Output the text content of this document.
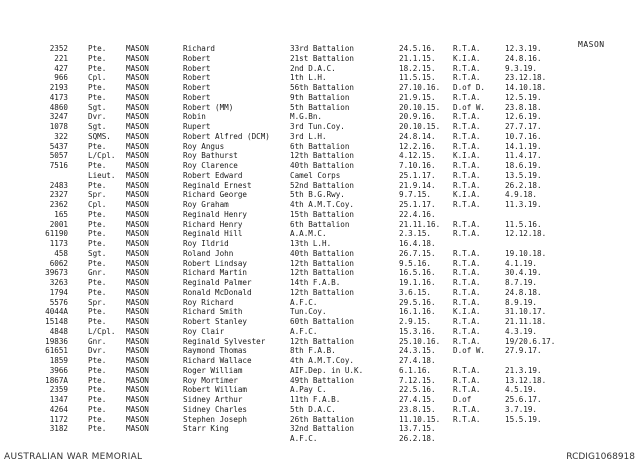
MASON
2352	Pte.	MASON	Richard	33rd Battalion	24.5.16. R.T.A.	12.3.19.
221	Pte.	MASON	Robert	21st Battalion	21.1.15. K.I.A.	24.8.16.
427	Pte.	MASON	Robert	2nd D.A.C.	18.2.15. R.T.A.	9.3.19.
966	Cpl.	MASON	Robert	1th L.H.	11.5.15. R.T.A.	23.12.18.
2193	Pte.	MASON	Robert	56th Battalion	27.10.16. D.of D.	14.10.18.
4173	Pte.	MASON	Robert	9th Battalion	21.9.15. R.T.A.	12.5.19.
4860	Sgt.	MASON	Robert (MM)	5th Battalion	20.10.15. D.of W.	23.8.18.
3247	Dvr.	MASON	Robin	M.G.Bn.	20.9.16. R.T.A.	12.6.19.
1078	Sgt.	MASON	Rupert	3rd Tun.Coy.	20.10.15. R.T.A.	27.7.17.
322	SQMS. MASON	Robert Alfred (DCM)	3rd L.H.	24.8.14. R.T.A.	10.7.16.
5437	Pte.	MASON	Roy Angus	6th Battalion	12.2.16. R.T.A.	14.1.19.
5057	L/Cpl. MASON	Roy Bathurst	12th Battalion	4.12.15. K.I.A.	11.4.17.
7516	Pte.	MASON	Roy Clarence	40th Battalion	7.10.16. R.T.A.	18.6.19.
Lieut. MASON	Robert Edward	Camel Corps	25.1.17. R.T.A.	13.5.19.
2483	Pte.	MASON	Reginald Ernest	52nd Battalion	21.9.14. R.T.A.	26.2.18.
2327	Spr.	MASON	Richard George	5th B.G.Rwy.	9.7.15.	K.I.A.	4.9.18.
2362	Cpl.	MASON	Roy Graham	4th A.M.T.Coy.	25.1.17. R.T.A.	11.3.19.
165	Pte.	MASON	Reginald Henry	15th Battalion	22.4.16.
2001	Pte.	MASON	Richard Henry	6th Battalion	21.11.16. R.T.A.	11.5.16.
61190	Pte.	MASON	Reginald Hill	A.A.M.C.	2.3.15.	R.T.A.	12.12.18.
1173	Pte.	MASON	Roy Ildrid	13th L.H.	16.4.18.
458	Sgt.	MASON	Roland John	40th Battalion	26.7.15. R.T.A.	19.10.18.
6062	Pte.	MASON	Robert Lindsay	12th Battalion	9.5.16.	R.T.A.	4.1.19.
39673	Gnr.	MASON	Richard Martin	12th Battalion	16.5.16. R.T.A.	30.4.19.
3263	Pte.	MASON	Reginald Palmer	14th F.A.B.	19.1.16. R.T.A.	8.7.19.
1794	Pte.	MASON	Ronald McDonald	12th Battalion	3.6.15.	R.T.A.	24.8.18.
5576	Spr.	MASON	Roy Richard	A.F.C.	29.5.16. R.T.A.	8.9.19.
4044A	Pte.	MASON	Richard Smith	Tun.Coy.	16.1.16. K.I.A.	31.10.17.
15148	Pte.	MASON	Robert Stanley	60th Battalion	2.9.15.	R.T.A.	21.11.18.
4848	L/Cpl. MASON	Roy Clair	A.F.C.	15.3.16. R.T.A.	4.3.19.
19836	Gnr.	MASON	Reginald Sylvester	12th Battalion	25.10.16. R.T.A.	19/20.6.17.
61651	Dvr.	MASON	Raymond Thomas	8th F.A.B.	24.3.15. D.of W.	27.9.17.
1859	Pte.	MASON	Richard Wallace	4th A.M.T.Coy.	27.4.18.
3966	Pte.	MASON	Roger William	AIF.Dep. in U.K.	6.1.16.	R.T.A.	21.3.19.
1867A	Pte.	MASON	Roy Mortimer	49th Battalion	7.12.15. R.T.A.	13.12.18.
2359	Pte.	MASON	Robert William	A.Pay C.	22.5.16. R.T.A.	4.5.19.
1347	Pte.	MASON	Sidney Arthur	11th F.A.B.	27.4.15. D.of	25.6.17.
4264	Pte.	MASON	Sidney Charles	5th D.A.C.	23.8.15. R.T.A.	3.7.19.
1172	Pte.	MASON	Stephen Joseph	26th Battalion	11.10.15. R.T.A.	15.5.19.
3182	Pte.	MASON	Starr King	32nd Battalion	13.7.15.
A.F.C.	26.2.18.
AUSTRALIAN WAR MEMORIAL	RCDIG1068918
